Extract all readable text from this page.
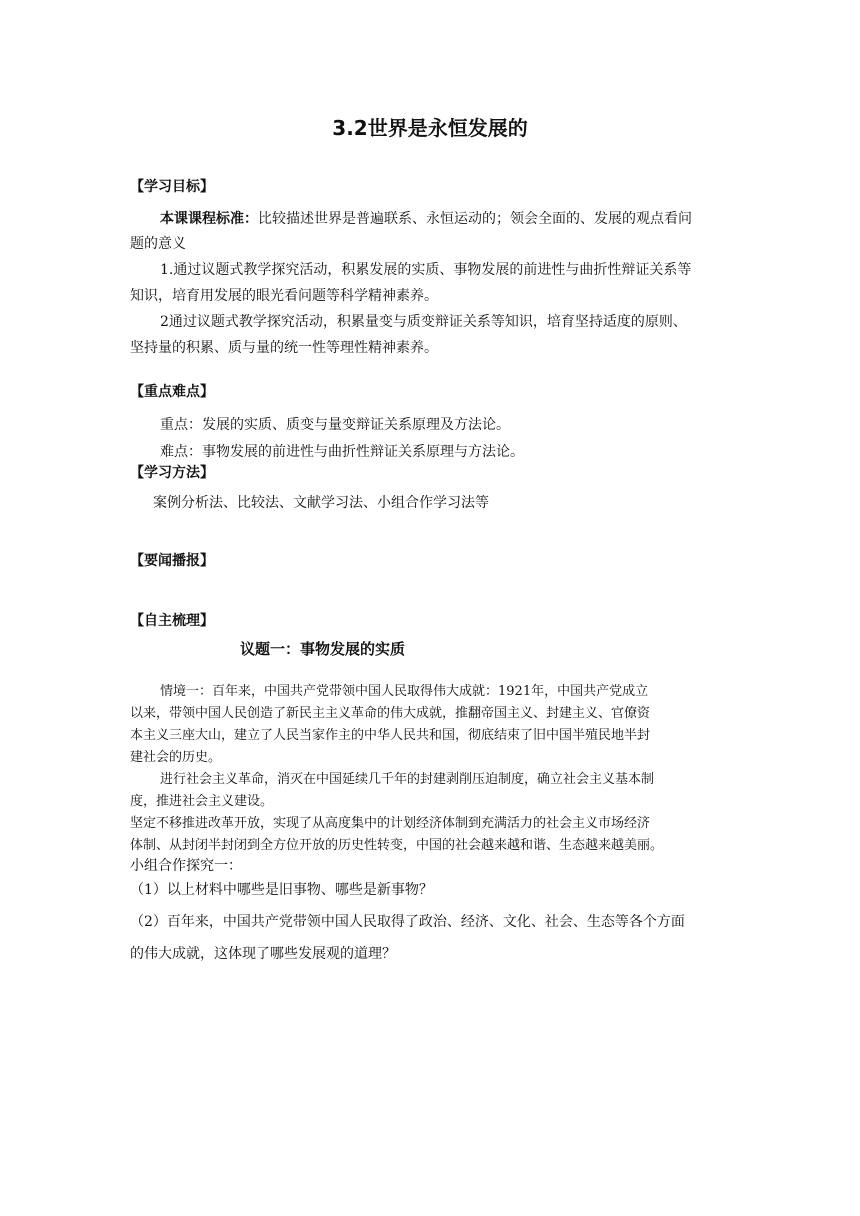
3.2世界是永恒发展的
【学习目标】
本课课程标准：比较描述世界是普遍联系、永恒运动的；领会全面的、发展的观点看问
题的意义
1.通过议题式教学探究活动，积累发展的实质、事物发展的前进性与曲折性辩证关系等
知识，培育用发展的眼光看问题等科学精神素养。
2通过议题式教学探究活动，积累量变与质变辩证关系等知识，培育坚持适度的原则、
坚持量的积累、质与量的统一性等理性精神素养。
【重点难点】
重点：发展的实质、质变与量变辩证关系原理及方法论。
难点：事物发展的前进性与曲折性辩证关系原理与方法论。
【学习方法】
案例分析法、比较法、文献学习法、小组合作学习法等
【要闻播报】
【自主梳理】
议题一：事物发展的实质
情境一：百年来，中国共产党带领中国人民取得伟大成就：1921年，中国共产党成立
以来，带领中国人民创造了新民主主义革命的伟大成就，推翻帝国主义、封建主义、官僚资
本主义三座大山，建立了人民当家作主的中华人民共和国，彻底结束了旧中国半殖民地半封
建社会的历史。
进行社会主义革命，消灭在中国延续几千年的封建剥削压迫制度，确立社会主义基本制
度，推进社会主义建设。
坚定不移推进改革开放，实现了从高度集中的计划经济体制到充满活力的社会主义市场经济
体制、从封闭半封闭到全方位开放的历史性转变，中国的社会越来越和谐、生态越来越美丽。
小组合作探究一：
（1）以上材料中哪些是旧事物、哪些是新事物？
（2）百年来，中国共产党带领中国人民取得了政治、经济、文化、社会、生态等各个方面
的伟大成就，这体现了哪些发展观的道理？
